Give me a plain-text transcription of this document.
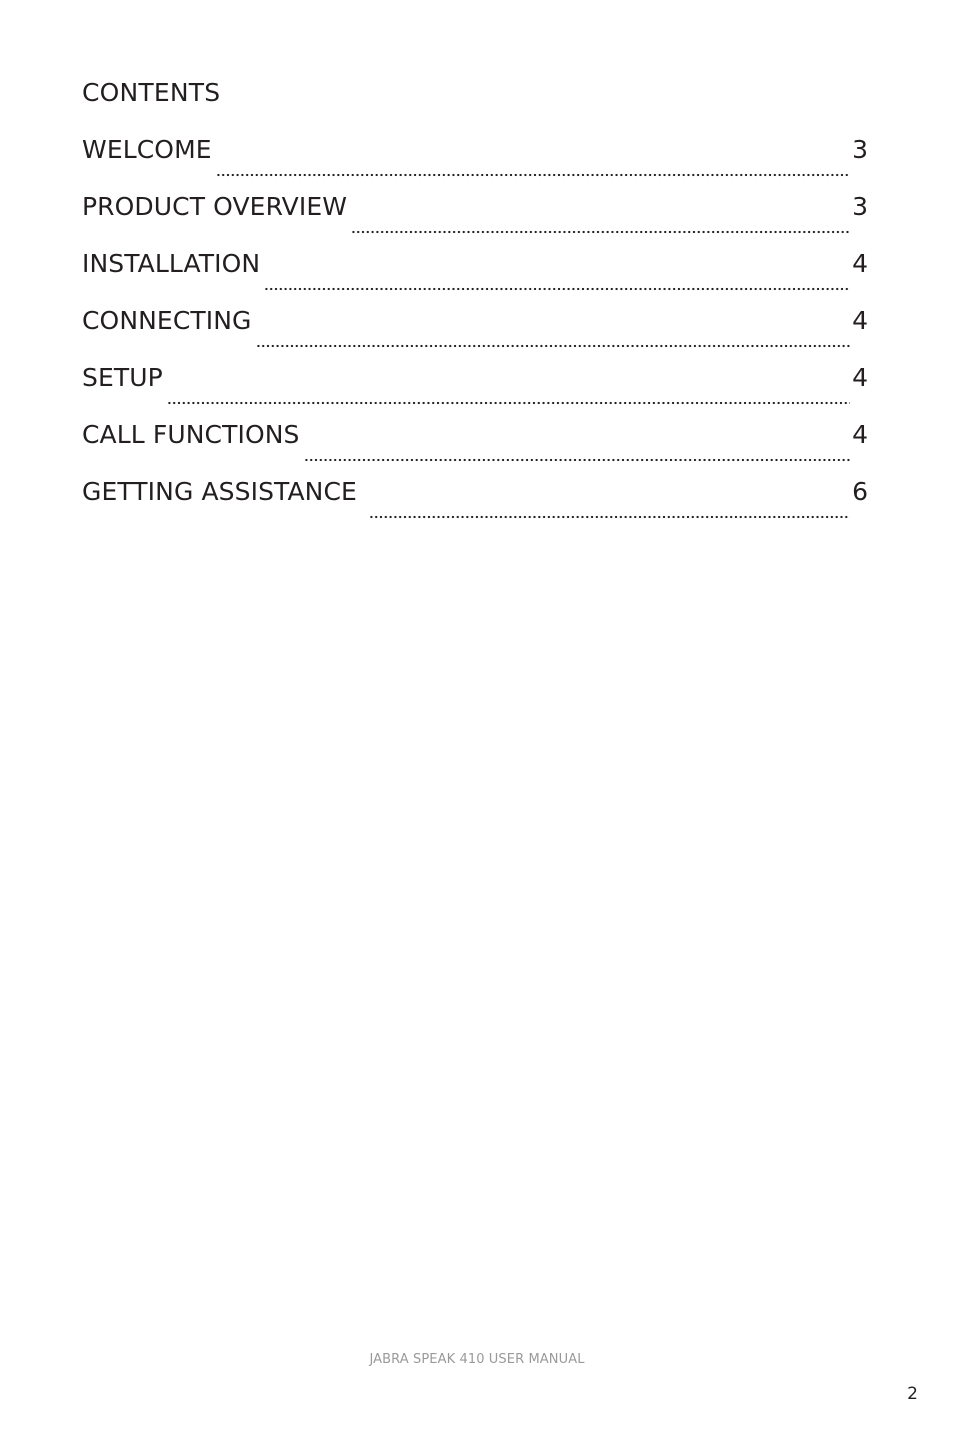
CONTENTS
WELCOME	3
PRODUCT OVERVIEW	3
INSTALLATION	4
CONNECTING	4
SETUP	4
CALL FUNCTIONS	4
GETTING ASSISTANCE	6
JABRA SPEAK 410 USER MANUAL
2
